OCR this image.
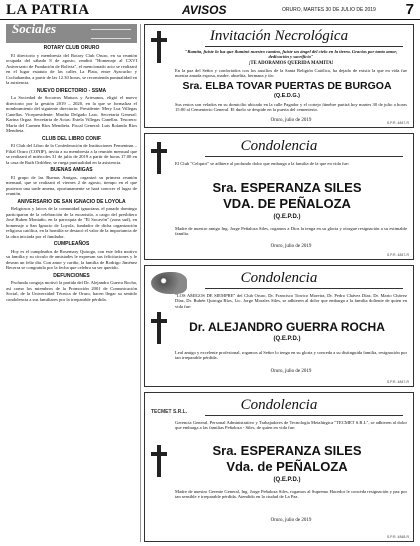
LA PATRIA	AVISOS	ORURO, MARTES 30 DE JULIO DE 2019 7
Sociales
ROTARY CLUB ORURO
El directorio y membresía del Rotary Club Oruro, en su reunión ocupada del sábado 8 de agosto, rendirá "Homenaje al CXVI Aniversario de Fundación de Bolivia", el mencionado acto se realizará en el lugar estatuto de las calles La Plata, entre Ayacucho y Cochabamba, a partir de las 12.30 horas, se recomienda puntualidad en la asistencia.
NUEVO DIRECTORIO - SSMA
La Sociedad de Socorros Mutuos y Artesanos, eligió el nuevo directorio por la gestión 2019 – 2020, en la que se formaliza el nombramiento del siguiente directorio: Presidente: Mery Luz Villegas Canellas. Vicepresidente: Martha Delgado Laro. Secretaria General: Karina Orgaz. Secretaria de Actas: Estela Villegas Canellas. Tesorera: María del Carmen Ríos Mendieta. Fiscal General: Luis Rolando Ríos Mendieta.
CLUB DEL LIBRO CONIF
El Club del Libro de la Confederación de Instituciones Femeninas – Filial Oruro (CONIF), invita a su membresía a la reunión mensual que se realizará el miércoles 31 de julio de 2019 a partir de horas 17.00 en la casa de Ruth Ordóñez, se ruega puntualidad en la asistencia.
BUENAS AMIGAS
El grupo de las Buenas Amigas, organizó su primera reunión mensual, que se realizará el viernes 2 de agosto, tiempo en el que pusieron una tarde amena, oportunamente se hará conocer el lugar de reunión.
ANIVERSARIO DE SAN IGNACIO DE LOYOLA
Religiosos y laicos de la comunidad ignaciana, el pasado domingo participaron de la celebración de la eucaristía, a cargo del presbítero José Ruben Montaño, en la parroquia de "El Socavón" (zona sud), en homenaje a San Ignacio de Loyola, fundador de dicha organización religiosa católica, en la homilía se destacó el valor de la importancia de la obra iniciada por el fundador.
CUMPLEAÑOS
Hoy es el cumpleaños de Rosemary Quiroga, con este feliz motivo su familia y su círculo de amistades le expresan sus felicitaciones y le desean un feliz día. Con amor y cariño, la familia de Rodrigo Jiménez Becerra se congratula por la fecha que celebra su ser querido.
DEFUNCIONES
Profunda congoja motivó la partida del Dr. Alejandro Guerra Rocha, así como los miembros de la Promoción 2001 de Comunicación Social, de la Universidad Técnica de Oruro, hacen llegar su sentido condolencia a sus familiares por la irreparable pérdida.
Invitación Necrológica
"Ramita, fuiste la luz que iluminó nuestro camino, fuiste un ángel del cielo en la tierra. Gracias por tanto amor, dedicación y sacrificio"
¡TE ADORAMOS QUERIDA MAMITA!
En la paz del Señor y confortados con los auxilios de la Santa Religión Católica, ha dejado de existir la que en vida fue nuestra amada esposa, madre, abuelita, hermana y tía:
Sra. ELBA TOVAR PUERTAS DE BURGOA
(Q.E.D.G.)
Sus restos son velados en su domicilio ubicado en la calle Pagador y el cortejo fúnebre partirá hoy martes 30 de julio a horas 15:00 al Cementerio General. El duelo se despide en la puerta del cementerio.
Oruro, julio de 2019	S.P.R. 4847-R
Condolencia
El Club "Celquiri" se adhiere al profundo dolor que embarga a la familia de la que en vida fue:
Sra. ESPERANZA SILES
VDA. DE PEÑALOZA
(Q.E.P.D.)
Madre de nuestro amigo Ing. Jorge Peñaloza Siles, rogamos a Dios la tenga en su gloria y otorgue resignación a su estimable familia.
Oruro, julio de 2019
S.P.R. 4847-R
Condolencia
"LOS AMIGOS DE SIEMPRE" del Club Oruro, Dr. Francisco Torrico Moreira, Dr. Pedro Chávez Díaz, Dr. Mario Chávez Díaz, Dr. Rubén Quiroga Ríos, Lic. Jorge Morales Siles, se adhieren al dolor que embarga a la familia doliente de quien en vida fue:
Dr. ALEJANDRO GUERRA ROCHA
(Q.E.P.D.)
Leal amigo y excelente profesional, rogamos al Señor lo tenga en su gloria y conceda a su distinguida familia, resignación por tan irreparable pérdida.
Oruro, julio de 2019
S.P.R. 4847-R
TECMET S.R.L.	Condolencia
Gerencia General, Personal Administrativo y Trabajadores de Tecnología Metalúrgica "TECMET S.R.L", se adhieren al dolor que embarga a las familias Peñaloza - Siles, de quien en vida fue:
Sra. ESPERANZA SILES
Vda. de PEÑALOZA
(Q.E.P.D.)
Madre de nuestro Gerente General, Ing. Jorge Peñaloza Siles, rogamos al Supremo Hacedor le conceda resignación y paz por tan sensible e irreparable pérdida. Atendido en la ciudad de La Paz.
Oruro, julio de 2019
S.P.R. 4848-R
